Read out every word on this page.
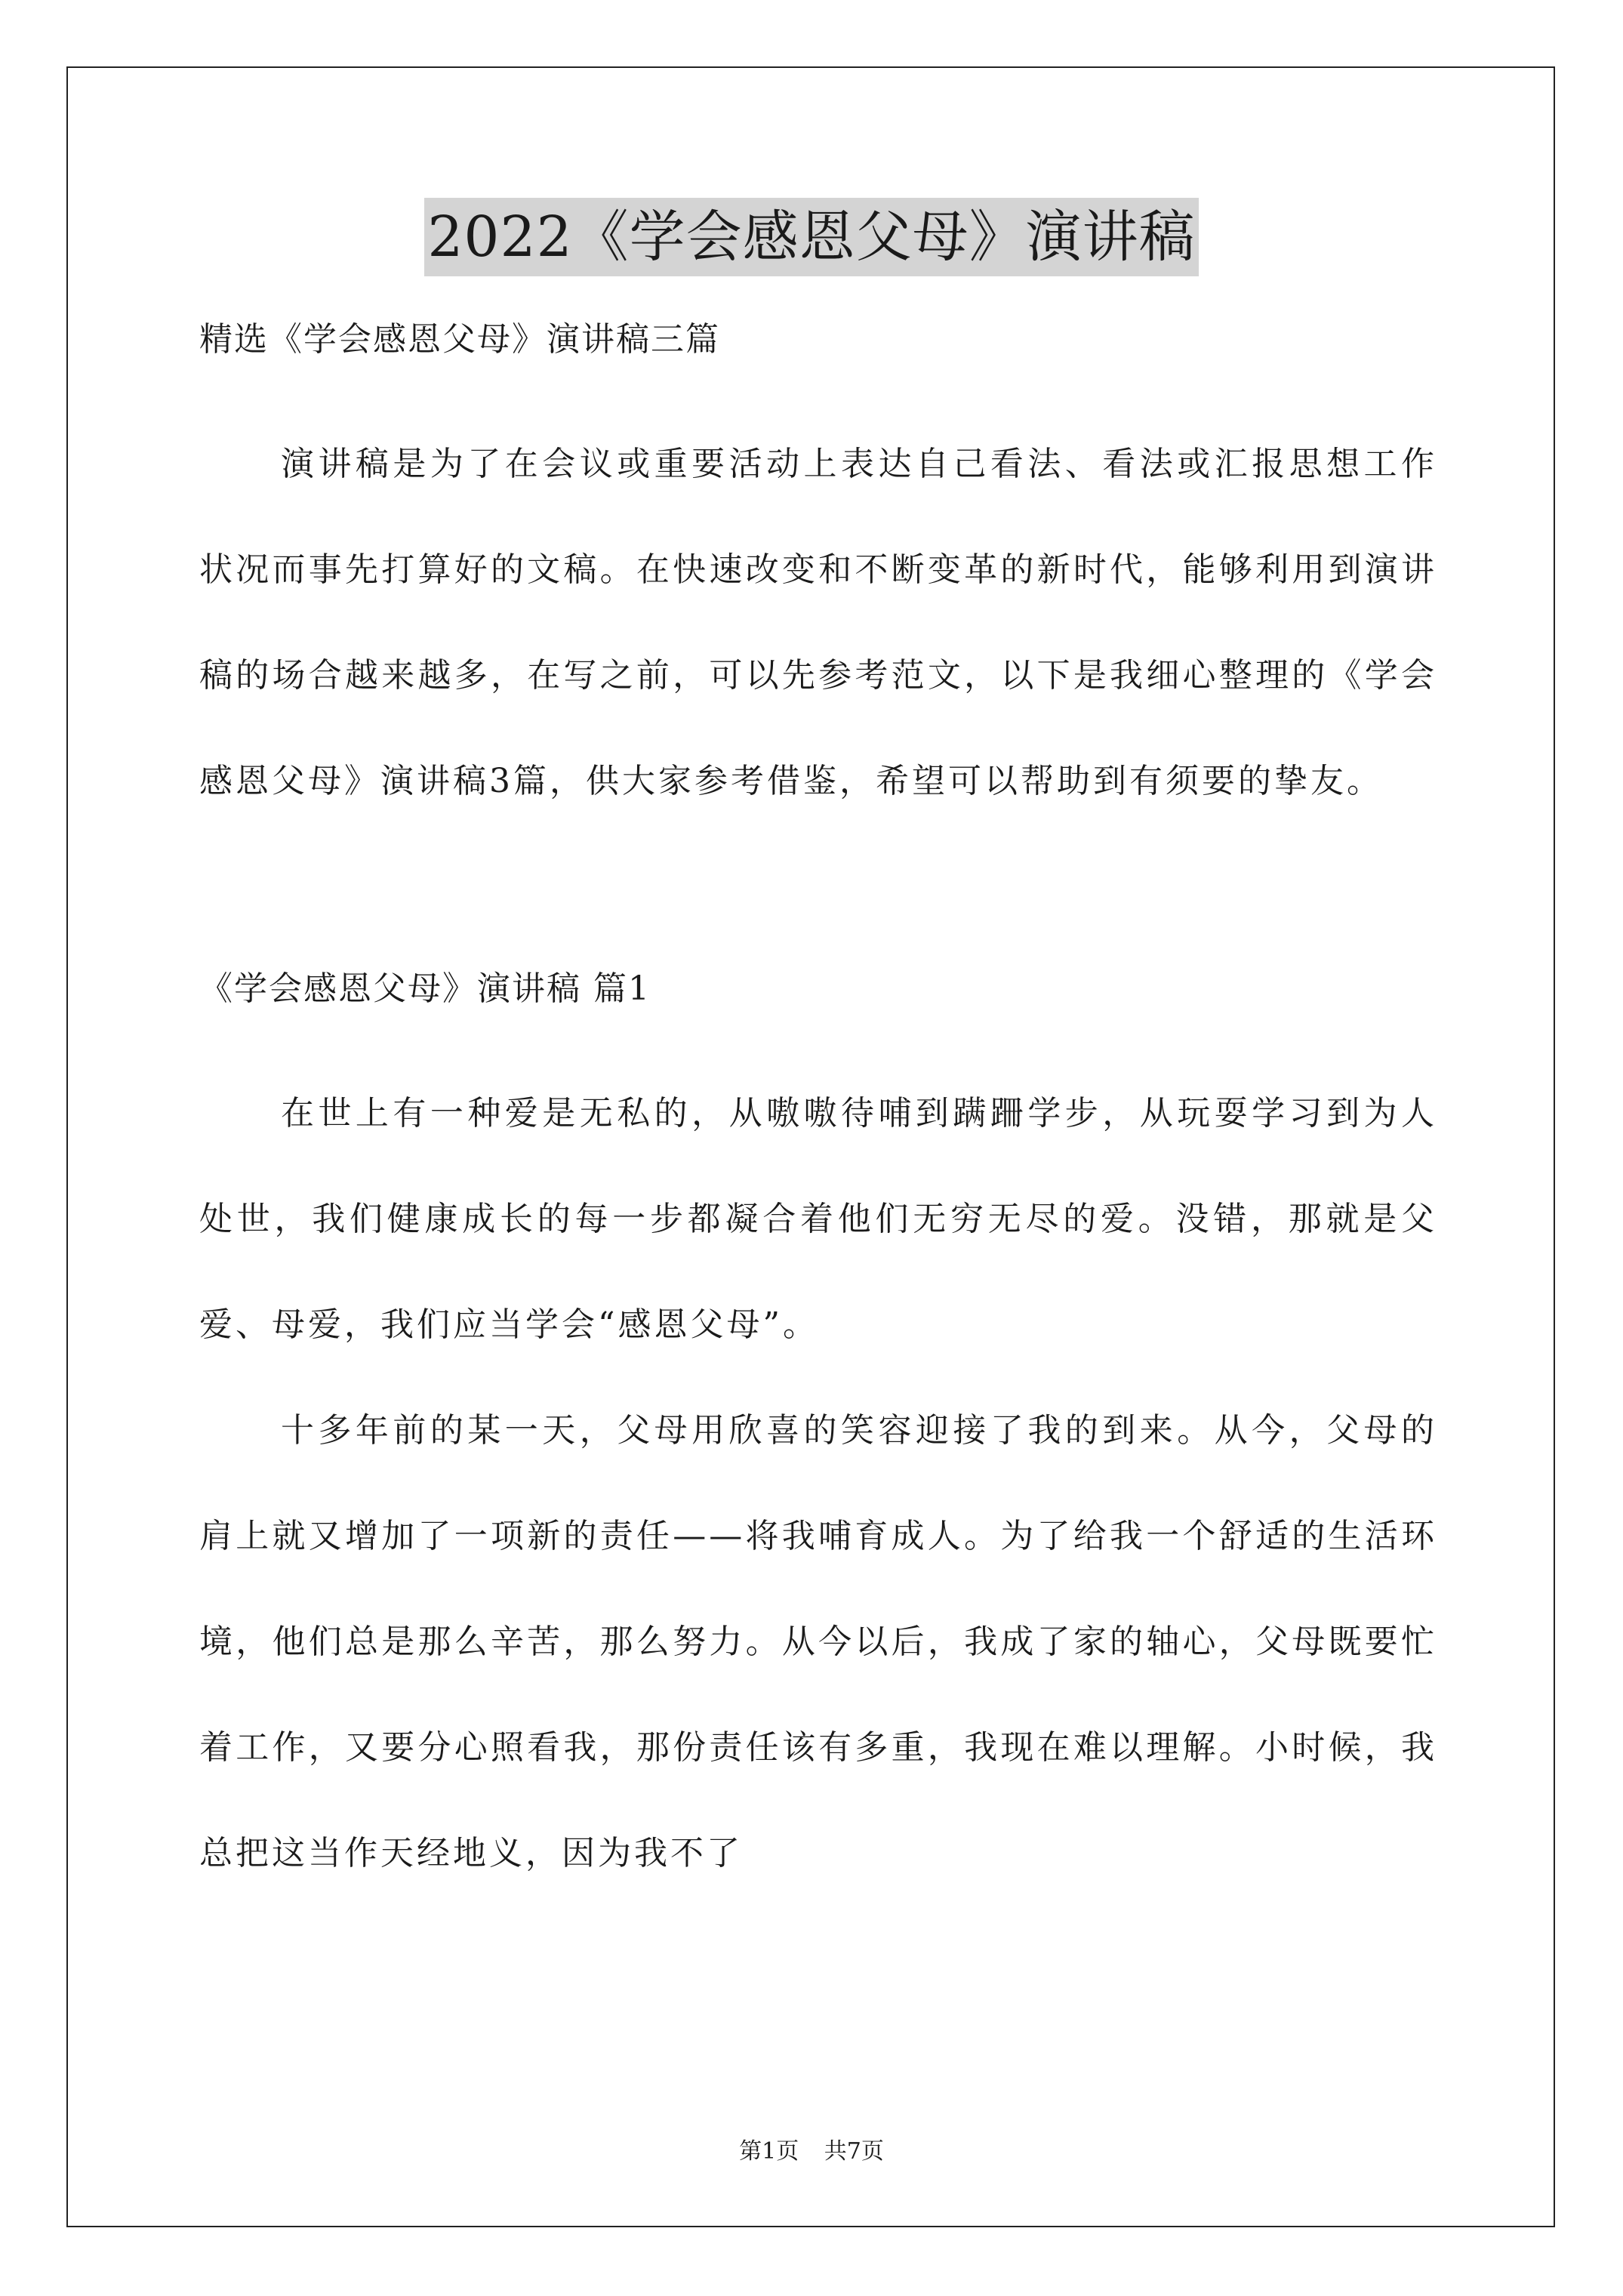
2022《学会感恩父母》演讲稿

精选《学会感恩父母》演讲稿三篇

演讲稿是为了在会议或重要活动上表达自己看法、看法或汇报思想工作状况而事先打算好的文稿。在快速改变和不断变革的新时代，能够利用到演讲稿的场合越来越多，在写之前，可以先参考范文，以下是我细心整理的《学会感恩父母》演讲稿3篇，供大家参考借鉴，希望可以帮助到有须要的挚友。

《学会感恩父母》演讲稿 篇1

在世上有一种爱是无私的，从嗷嗷待哺到蹒跚学步，从玩耍学习到为人处世，我们健康成长的每一步都凝合着他们无穷无尽的爱。没错，那就是父爱、母爱，我们应当学会“感恩父母”。

十多年前的某一天，父母用欣喜的笑容迎接了我的到来。从今，父母的肩上就又增加了一项新的责任——将我哺育成人。为了给我一个舒适的生活环境，他们总是那么辛苦，那么努力。从今以后，我成了家的轴心，父母既要忙着工作，又要分心照看我，那份责任该有多重，我现在难以理解。小时候，我总把这当作天经地义，因为我不了

第1页 共7页
